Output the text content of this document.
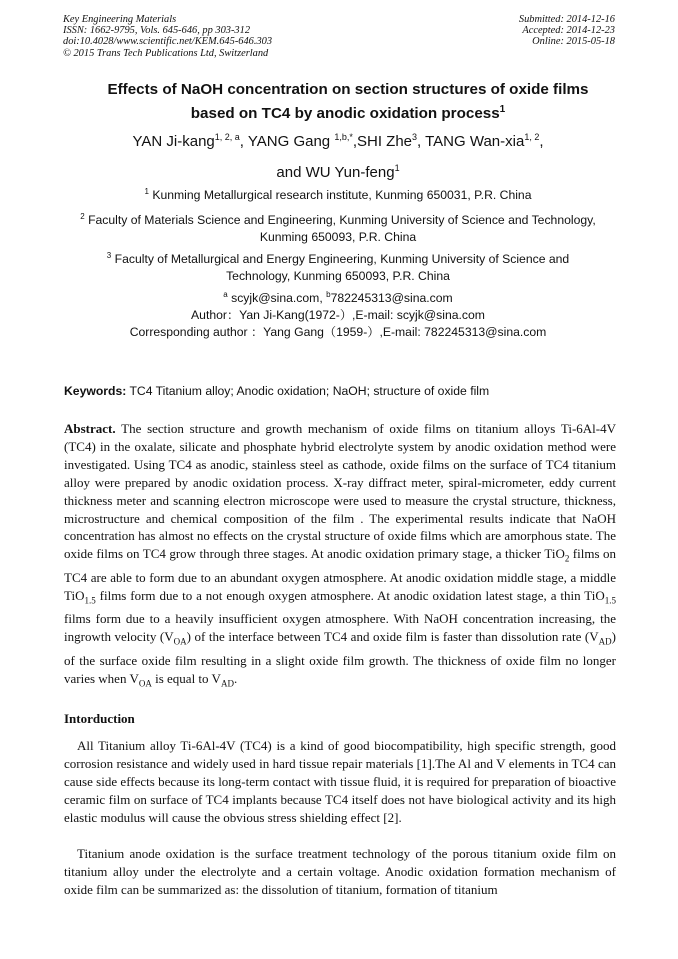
Key Engineering Materials
ISSN: 1662-9795, Vols. 645-646, pp 303-312
doi:10.4028/www.scientific.net/KEM.645-646.303
© 2015 Trans Tech Publications Ltd, Switzerland
Submitted: 2014-12-16
Accepted: 2014-12-23
Online: 2015-05-18
Effects of NaOH concentration on section structures of oxide films
based on TC4 by anodic oxidation process$^1$
YAN Ji-kang$^{1, 2, a}$, YANG Gang $^{1,b,*}$,SHI Zhe$^3$, TANG Wan-xia$^{1, 2}$,
and WU Yun-feng$^1$
$^1$ Kunming Metallurgical research institute, Kunming 650031, P.R. China
$^2$ Faculty of Materials Science and Engineering, Kunming University of Science and Technology,
Kunming 650093, P.R. China
$^3$ Faculty of Metallurgical and Energy Engineering, Kunming University of Science and
Technology, Kunming 650093, P.R. China
$^a$ scyjk@sina.com, $^b$782245313@sina.com
Author：Yan Ji-Kang(1972-）,E-mail: scyjk@sina.com
Corresponding author ：Yang Gang（1959-）,E-mail: 782245313@sina.com
Keywords: TC4 Titanium alloy; Anodic oxidation; NaOH; structure of oxide film
Abstract. The section structure and growth mechanism of oxide films on titanium alloys Ti-6Al-4V (TC4) in the oxalate, silicate and phosphate hybrid electrolyte system by anodic oxidation method were investigated. Using TC4 as anodic, stainless steel as cathode, oxide films on the surface of TC4 titanium alloy were prepared by anodic oxidation process. X-ray diffract meter, spiral-micrometer, eddy current thickness meter and scanning electron microscope were used to measure the crystal structure, thickness, microstructure and chemical composition of the film . The experimental results indicate that NaOH concentration has almost no effects on the crystal structure of oxide films which are amorphous state. The oxide films on TC4 grow through three stages. At anodic oxidation primary stage, a thicker TiO$_2$ films on TC4 are able to form due to an abundant oxygen atmosphere. At anodic oxidation middle stage, a middle TiO$_{1.5}$ films form due to a not enough oxygen atmosphere. At anodic oxidation latest stage, a thin TiO$_{1.5}$ films form due to a heavily insufficient oxygen atmosphere. With NaOH concentration increasing, the ingrowth velocity $(V_{OA})$ of the interface between TC4 and oxide film is faster than dissolution rate $(V_{AD})$ of the surface oxide film resulting in a slight oxide film growth. The thickness of oxide film no longer varies when $V_{OA}$ is equal to $V_{AD}$.
Intorduction
All Titanium alloy Ti-6Al-4V (TC4) is a kind of good biocompatibility, high specific strength, good corrosion resistance and widely used in hard tissue repair materials [1].The Al and V elements in TC4 can cause side effects because its long-term contact with tissue fluid, it is required for preparation of bioactive ceramic film on surface of TC4 implants because TC4 itself does not have biological activity and its high elastic modulus will cause the obvious stress shielding effect [2].
Titanium anode oxidation is the surface treatment technology of the porous titanium oxide film on titanium alloy under the electrolyte and a certain voltage. Anodic oxidation formation mechanism of oxide film can be summarized as: the dissolution of titanium, formation of titanium
